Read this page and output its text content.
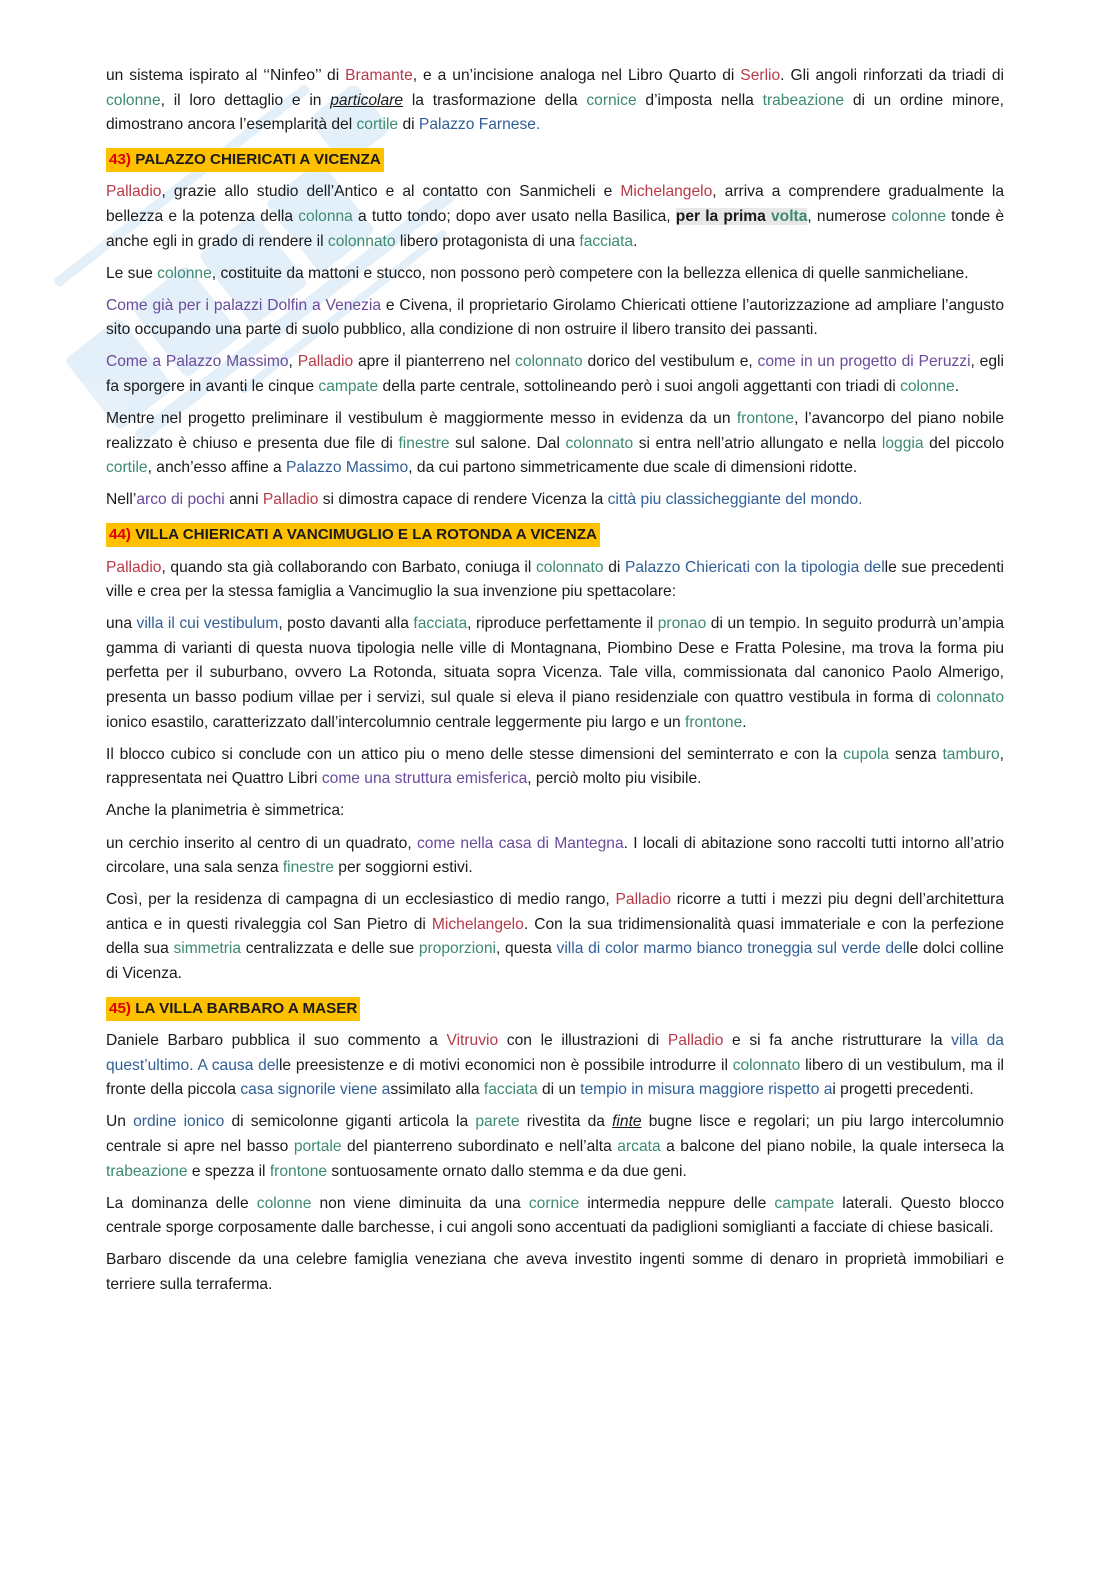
un sistema ispirato al ‘‘Ninfeo’’ di Bramante, e a un’incisione analoga nel Libro Quarto di Serlio. Gli angoli rinforzati da triadi di colonne, il loro dettaglio e in particolare la trasformazione della cornice d’imposta nella trabeazione di un ordine minore, dimostrano ancora l’esemplarità del cortile di Palazzo Farnese.

43) PALAZZO CHIERICATI A VICENZA

Palladio, grazie allo studio dell’Antico e al contatto con Sanmicheli e Michelangelo, arriva a comprendere gradualmente la bellezza e la potenza della colonna a tutto tondo; dopo aver usato nella Basilica, per la prima volta, numerose colonne tonde è anche egli in grado di rendere il colonnato libero protagonista di una facciata.

Le sue colonne, costituite da mattoni e stucco, non possono però competere con la bellezza ellenica di quelle sanmicheliane.

Come già per i palazzi Dolfin a Venezia e Civena, il proprietario Girolamo Chiericati ottiene l’autorizzazione ad ampliare l’angusto sito occupando una parte di suolo pubblico, alla condizione di non ostruire il libero transito dei passanti.

Come a Palazzo Massimo, Palladio apre il pianterreno nel colonnato dorico del vestibulum e, come in un progetto di Peruzzi, egli fa sporgere in avanti le cinque campate della parte centrale, sottolineando però i suoi angoli aggettanti con triadi di colonne.

Mentre nel progetto preliminare il vestibulum è maggiormente messo in evidenza da un frontone, l’avancorpo del piano nobile realizzato è chiuso e presenta due file di finestre sul salone. Dal colonnato si entra nell’atrio allungato e nella loggia del piccolo cortile, anch’esso affine a Palazzo Massimo, da cui partono simmetricamente due scale di dimensioni ridotte.

Nell’arco di pochi anni Palladio si dimostra capace di rendere Vicenza la città piu classicheggiante del mondo.

44) VILLA CHIERICATI A VANCIMUGLIO E LA ROTONDA A VICENZA

Palladio, quando sta già collaborando con Barbato, coniuga il colonnato di Palazzo Chiericati con la tipologia delle sue precedenti ville e crea per la stessa famiglia a Vancimuglio la sua invenzione piu spettacolare:

una villa il cui vestibulum, posto davanti alla facciata, riproduce perfettamente il pronao di un tempio. In seguito produrrà un’ampia gamma di varianti di questa nuova tipologia nelle ville di Montagnana, Piombino Dese e Fratta Polesine, ma trova la forma piu perfetta per il suburbano, ovvero La Rotonda, situata sopra Vicenza. Tale villa, commissionata dal canonico Paolo Almerigo, presenta un basso podium villae per i servizi, sul quale si eleva il piano residenziale con quattro vestibula in forma di colonnato ionico esastilo, caratterizzato dall’intercolumnio centrale leggermente piu largo e un frontone.

Il blocco cubico si conclude con un attico piu o meno delle stesse dimensioni del seminterrato e con la cupola senza tamburo, rappresentata nei Quattro Libri come una struttura emisferica, perciò molto piu visibile.

Anche la planimetria è simmetrica:

un cerchio inserito al centro di un quadrato, come nella casa di Mantegna. I locali di abitazione sono raccolti tutti intorno all’atrio circolare, una sala senza finestre per soggiorni estivi.

Così, per la residenza di campagna di un ecclesiastico di medio rango, Palladio ricorre a tutti i mezzi piu degni dell’architettura antica e in questi rivaleggia col San Pietro di Michelangelo. Con la sua tridimensionalità quasi immateriale e con la perfezione della sua simmetria centralizzata e delle sue proporzioni, questa villa di color marmo bianco troneggia sul verde delle dolci colline di Vicenza.

45) LA VILLA BARBARO A MASER

Daniele Barbaro pubblica il suo commento a Vitruvio con le illustrazioni di Palladio e si fa anche ristrutturare la villa da quest’ultimo. A causa delle preesistenze e di motivi economici non è possibile introdurre il colonnato libero di un vestibulum, ma il fronte della piccola casa signorile viene assimilato alla facciata di un tempio in misura maggiore rispetto ai progetti precedenti.

Un ordine ionico di semicolonne giganti articola la parete rivestita da finte bugne lisce e regolari; un piu largo intercolumnio centrale si apre nel basso portale del pianterreno subordinato e nell’alta arcata a balcone del piano nobile, la quale interseca la trabeazione e spezza il frontone sontuosamente ornato dallo stemma e da due geni.

La dominanza delle colonne non viene diminuita da una cornice intermedia neppure delle campate laterali. Questo blocco centrale sporge corposamente dalle barchesse, i cui angoli sono accentuati da padiglioni somiglianti a facciate di chiese basicali.

Barbaro discende da una celebre famiglia veneziana che aveva investito ingenti somme di denaro in proprietà immobiliari e terriere sulla terraferma.
